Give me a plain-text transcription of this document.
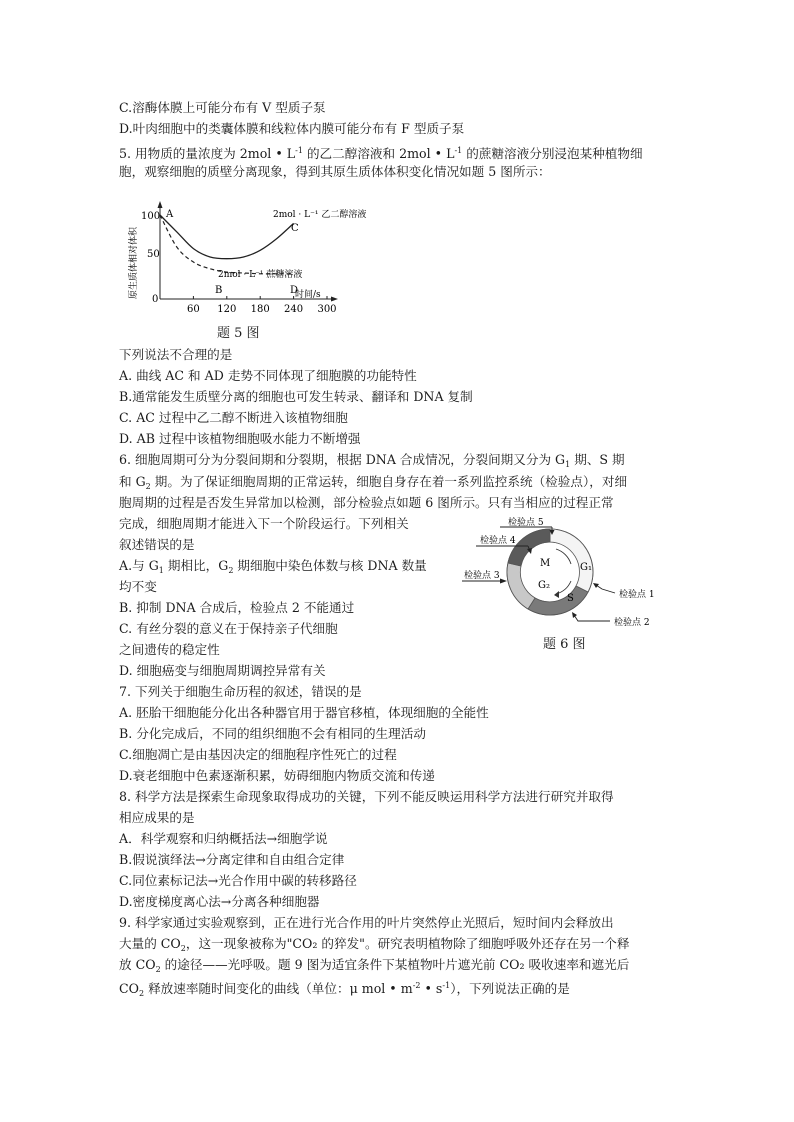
C.溶酶体膜上可能分布有 V 型质子泵
D.叶肉细胞中的类囊体膜和线粒体内膜可能分布有 F 型质子泵
5. 用物质的量浓度为 2mol • $L^{-1}$ 的乙二醇溶液和 2mol • $L^{-1}$ 的蔗糖溶液分别浸泡某种植物细
胞，观察细胞的质壁分离现象，得到其原生质体体积变化情况如题 5 图所示：
原生质体相对体积
100
50
0
60 120 180 240 300
时间/s
A
B
C
D
2mol · L⁻¹ 乙二醇溶液
2mol · L⁻¹ 蔗糖溶液
题 5 图
下列说法不合理的是
A. 曲线 AC 和 AD 走势不同体现了细胞膜的功能特性
B.通常能发生质壁分离的细胞也可发生转录、翻译和 DNA 复制
C. AC 过程中乙二醇不断进入该植物细胞
D. AB 过程中该植物细胞吸水能力不断增强
6. 细胞周期可分为分裂间期和分裂期，根据 DNA 合成情况，分裂间期又分为 $G_1$ 期、S 期
和 $G_2$ 期。为了保证细胞周期的正常运转，细胞自身存在着一系列监控系统（检验点），对细
胞周期的过程是否发生异常加以检测，部分检验点如题 6 图所示。只有当相应的过程正常
完成，细胞周期才能进入下一个阶段运行。下列相关
叙述错误的是
A.与 $G_1$ 期相比，$G_2$ 期细胞中染色体数与核 DNA 数量
均不变
B. 抑制 DNA 合成后，检验点 2 不能通过
C. 有丝分裂的意义在于保持亲子代细胞
之间遗传的稳定性
D. 细胞癌变与细胞周期调控异常有关
M	G₁
S
G₂
检验点 5
检验点 4
检验点 3
检验点 1
检验点 2
题 6 图
7. 下列关于细胞生命历程的叙述，错误的是
A. 胚胎干细胞能分化出各种器官用于器官移植，体现细胞的全能性
B. 分化完成后，不同的组织细胞不会有相同的生理活动
C.细胞凋亡是由基因决定的细胞程序性死亡的过程
D.衰老细胞中色素逐渐积累，妨碍细胞内物质交流和传递
8. 科学方法是探索生命现象取得成功的关键，下列不能反映运用科学方法进行研究并取得
相应成果的是
A．科学观察和归纳概括法→细胞学说
B.假说演绎法→分离定律和自由组合定律
C.同位素标记法→光合作用中碳的转移路径
D.密度梯度离心法→分离各种细胞器
9. 科学家通过实验观察到，正在进行光合作用的叶片突然停止光照后，短时间内会释放出
大量的 $CO_2$，这一现象被称为"CO₂ 的猝发"。研究表明植物除了细胞呼吸外还存在另一个释
放 $CO_2$ 的途径——光呼吸。题 9 图为适宜条件下某植物叶片遮光前 CO₂ 吸收速率和遮光后
$CO_2$ 释放速率随时间变化的曲线（单位：μ mol • $m^{-2}$ • $s^{-1}$），下列说法正确的是
